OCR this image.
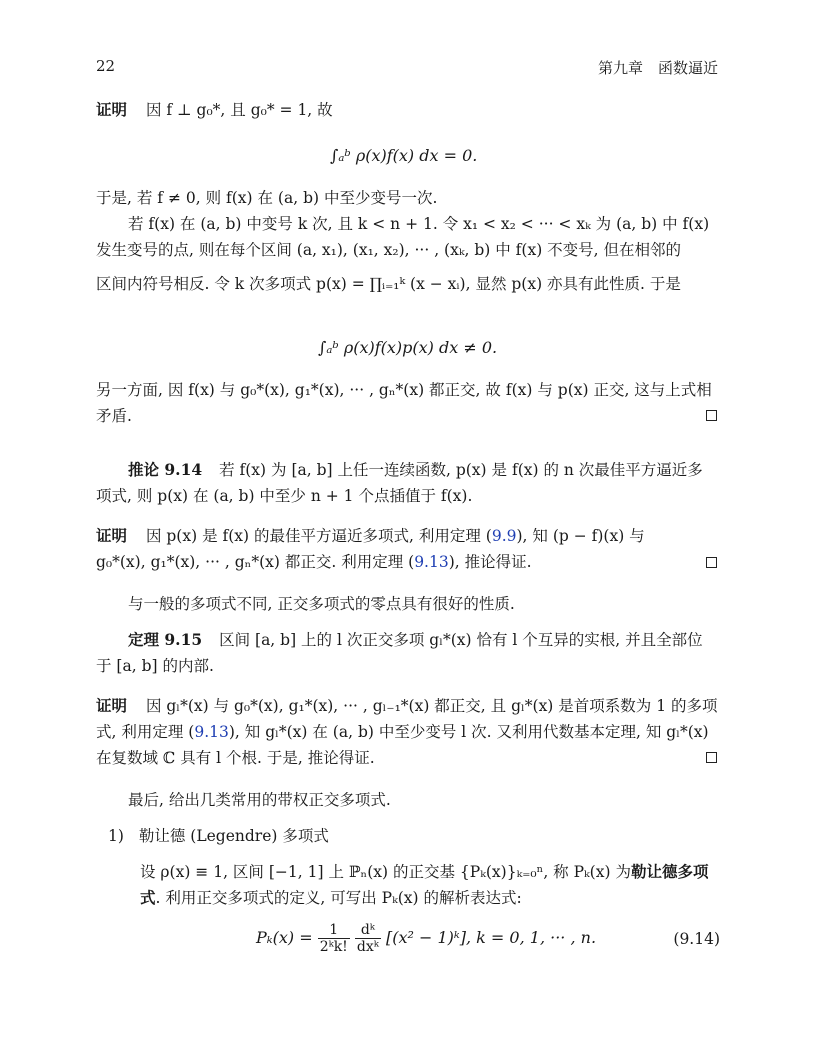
22	第九章　函数逼近
证明 因 f ⊥ g₀*, 且 g₀* = 1, 故
∫ₐᵇ ρ(x)f(x) dx = 0.
于是, 若 f ≠ 0, 则 f(x) 在 (a, b) 中至少变号一次.
若 f(x) 在 (a, b) 中变号 k 次, 且 k < n + 1. 令 x₁ < x₂ < ··· < xₖ 为 (a, b) 中 f(x)
发生变号的点, 则在每个区间 (a, x₁), (x₁, x₂), ··· , (xₖ, b) 中 f(x) 不变号, 但在相邻的
区间内符号相反. 令 k 次多项式 p(x) = ∏ᵢ₌₁ᵏ (x − xᵢ), 显然 p(x) 亦具有此性质. 于是
∫ₐᵇ ρ(x)f(x)p(x) dx ≠ 0.
另一方面, 因 f(x) 与 g₀*(x), g₁*(x), ··· , gₙ*(x) 都正交, 故 f(x) 与 p(x) 正交, 这与上式相
矛盾.
推论 9.14 若 f(x) 为 [a, b] 上任一连续函数, p(x) 是 f(x) 的 n 次最佳平方逼近多
项式, 则 p(x) 在 (a, b) 中至少 n + 1 个点插值于 f(x).
证明 因 p(x) 是 f(x) 的最佳平方逼近多项式, 利用定理 (9.9), 知 (p − f)(x) 与
g₀*(x), g₁*(x), ··· , gₙ*(x) 都正交. 利用定理 (9.13), 推论得证.
与一般的多项式不同, 正交多项式的零点具有很好的性质.
定理 9.15 区间 [a, b] 上的 l 次正交多项 gₗ*(x) 恰有 l 个互异的实根, 并且全部位
于 [a, b] 的内部.
证明 因 gₗ*(x) 与 g₀*(x), g₁*(x), ··· , gₗ₋₁*(x) 都正交, 且 gₗ*(x) 是首项系数为 1 的多项
式, 利用定理 (9.13), 知 gₗ*(x) 在 (a, b) 中至少变号 l 次. 又利用代数基本定理, 知 gₗ*(x)
在复数域 ℂ 具有 l 个根. 于是, 推论得证.
最后, 给出几类常用的带权正交多项式.
1) 勒让德 (Legendre) 多项式
设 ρ(x) ≡ 1, 区间 [−1, 1] 上 ℙₙ(x) 的正交基 {Pₖ(x)}ₖ₌₀ⁿ, 称 Pₖ(x) 为勒让德多项
式. 利用正交多项式的定义, 可写出 Pₖ(x) 的解析表达式:
$P_k(x) = \frac{1}{\text{2ᵏk!}}$
$\frac{\text{dᵏ}}{\text{dxᵏ}} [(x^2$ − 1)ᵏ], k = 0, 1, ··· , n.	(9.14)
